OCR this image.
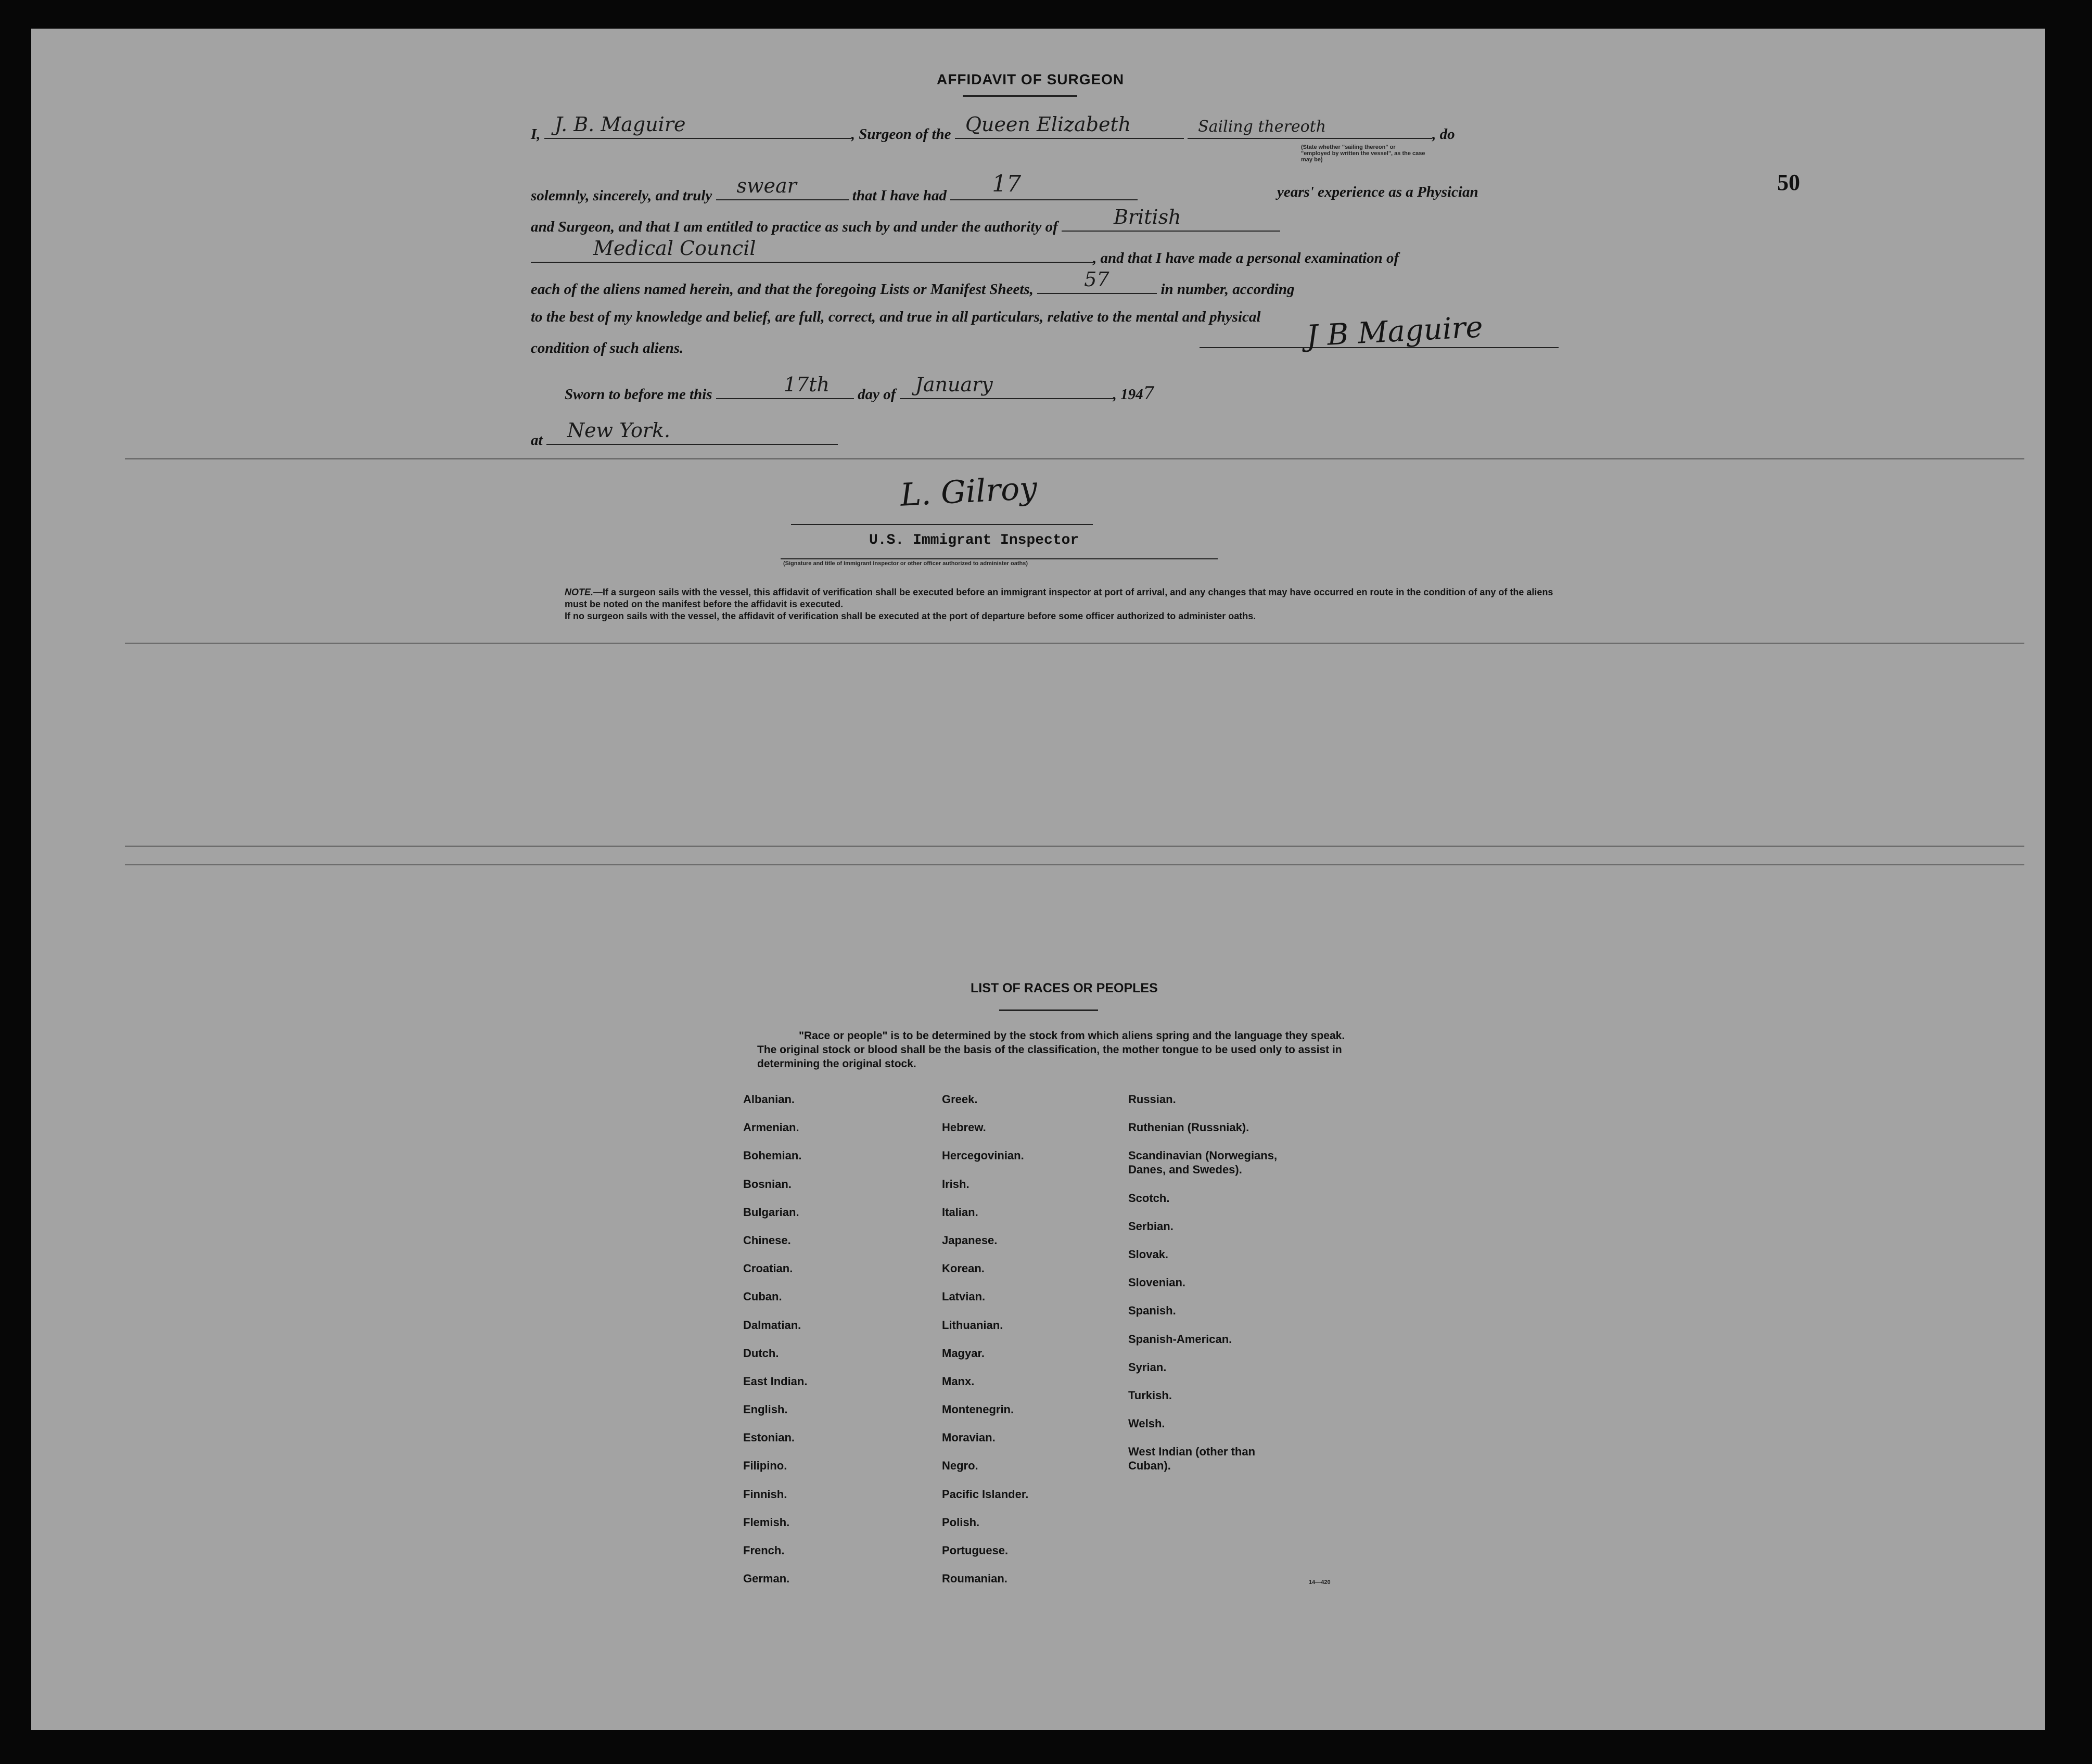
AFFIDAVIT OF SURGEON
50
I, J. B. Maguire	, Surgeon of the Queen Elizabeth
	Sailing thereoth	, do
(State whether "sailing thereon" or "employed by written the vessel", as the case may be)
solemnly, sincerely, and truly swear	that I have had 17	years' experience as a Physician
and Surgeon, and that I am entitled to practice as such by and under the authority of	British
Medical Council	, and that I have made a personal examination of
each of the aliens named herein, and that the foregoing Lists or Manifest Sheets,	57	in number, according
to the best of my knowledge and belief, are full, correct, and true in all particulars, relative to the mental and physical
condition of such aliens.	J B Maguire
Sworn to before me this	17th day of January	, 1947
at New York.
L. Gilroy
U.S. Immigrant Inspector
(Signature and title of Immigrant Inspector or other officer authorized to administer oaths)

NOTE.—If a surgeon sails with the vessel, this affidavit of verification shall be executed before an immigrant inspector at port of arrival, and any changes that may have occurred en route in the condition of any of the aliens must be noted on the manifest before the affidavit is executed.

If no surgeon sails with the vessel, the affidavit of verification shall be executed at the port of departure before some officer authorized to administer oaths.

LIST OF RACES OR PEOPLES
"Race or people" is to be determined by the stock from which aliens spring and the language they speak. The original stock or blood shall be the basis of the classification, the mother tongue to be used only to assist in determining the original stock.
Albanian.
Armenian.
Bohemian.
Bosnian.
Bulgarian.
Chinese.
Croatian.
Cuban.
Dalmatian.
Dutch.
East Indian.
English.
Estonian.
Filipino.
Finnish.
Flemish.
French.
German.
Greek.
Hebrew.
Hercegovinian.
Irish.
Italian.
Japanese.
Korean.
Latvian.
Lithuanian.
Magyar.
Manx.
Montenegrin.
Moravian.
Negro.
Pacific Islander.
Polish.
Portuguese.
Roumanian.
Russian.
Ruthenian (Russniak).
Scandinavian (Norwegians,
Danes, and Swedes).
Scotch.
Serbian.
Slovak.
Slovenian.
Spanish.
Spanish-American.
Syrian.
Turkish.
Welsh.
West Indian (other than
Cuban).
14—420
